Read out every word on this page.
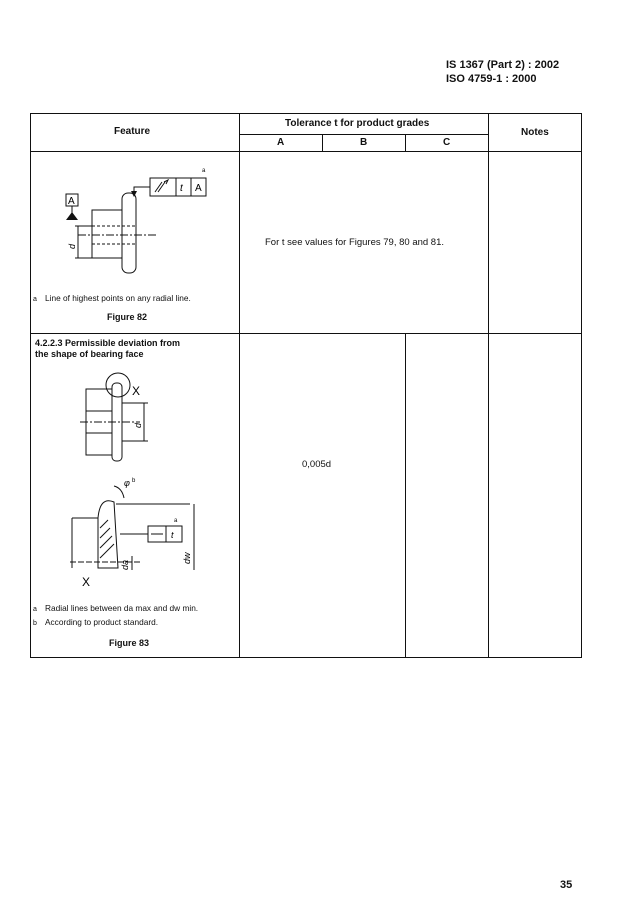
IS 1367 (Part 2) : 2002
ISO 4759-1 : 2000
Feature
Tolerance t for product grades
A	B	C
Notes
For t see values for Figures 79, 80 and 81.
a Line of highest points on any radial line.
Figure 82
4.2.2.3 Permissible deviation from
the shape of bearing face
0,005d
a Radial lines between da max and dw min.
b According to product standard.
Figure 83
A
t A
a
d
X
d
φ b
t
a
dw
da
X
35
